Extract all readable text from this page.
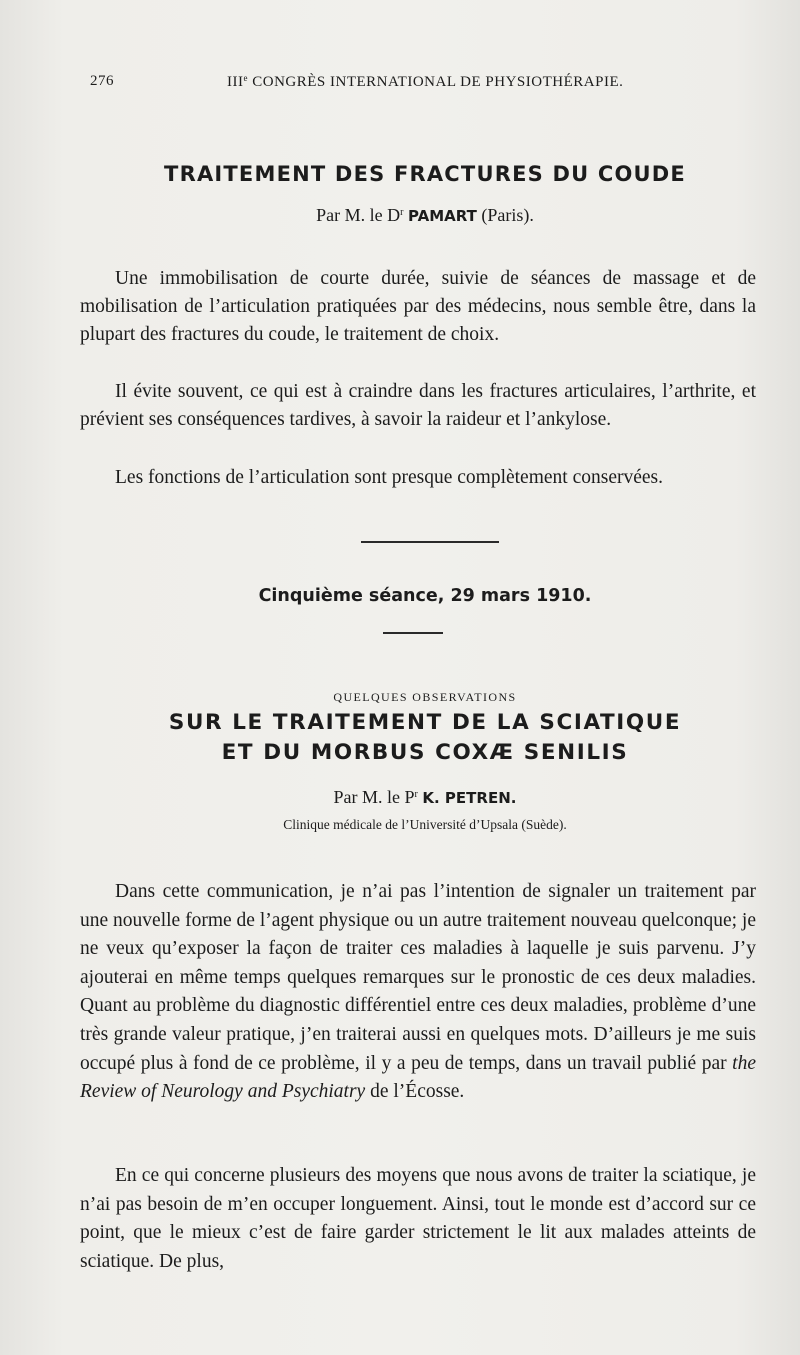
276	IIIe CONGRÈS INTERNATIONAL DE PHYSIOTHÉRAPIE.
TRAITEMENT DES FRACTURES DU COUDE
Par M. le $D^r$ PAMART (Paris).
Une immobilisation de courte durée, suivie de séances de massage et de mobilisation de l’articulation pratiquées par des médecins, nous semble être, dans la plupart des fractures du coude, le traitement de choix.
Il évite souvent, ce qui est à craindre dans les fractures articulaires, l’arthrite, et prévient ses conséquences tardives, à savoir la raideur et l’ankylose.
Les fonctions de l’articulation sont presque complètement conservées.
Cinquième séance, 29 mars 1910.
QUELQUES OBSERVATIONS
SUR LE TRAITEMENT DE LA SCIATIQUE
ET DU MORBUS COXÆ SENILIS
Par M. le $P^r$ K. PETREN.
Clinique médicale de l’Université d’Upsala (Suède).
Dans cette communication, je n’ai pas l’intention de signaler un traitement par une nouvelle forme de l’agent physique ou un autre traitement nouveau quelconque; je ne veux qu’exposer la façon de traiter ces maladies à laquelle je suis parvenu. J’y ajouterai en même temps quelques remarques sur le pronostic de ces deux maladies. Quant au problème du diagnostic différentiel entre ces deux maladies, problème d’une très grande valeur pratique, j’en traiterai aussi en quelques mots. D’ailleurs je me suis occupé plus à fond de ce problème, il y a peu de temps, dans un travail publié par the Review of Neurology and Psychiatry de l’Écosse.
En ce qui concerne plusieurs des moyens que nous avons de traiter la sciatique, je n’ai pas besoin de m’en occuper longuement. Ainsi, tout le monde est d’accord sur ce point, que le mieux c’est de faire garder strictement le lit aux malades atteints de sciatique. De plus,
